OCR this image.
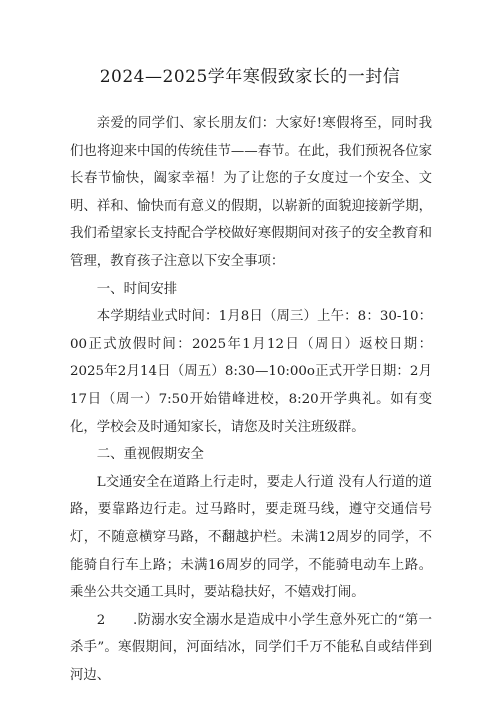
2024—2025学年寒假致家长的一封信

亲爱的同学们、家长朋友们：大家好!寒假将至，同时我们也将迎来中国的传统佳节——春节。在此，我们预祝各位家长春节愉快，阖家幸福！为了让您的子女度过一个安全、文明、祥和、愉快而有意义的假期，以崭新的面貌迎接新学期，我们希望家长支持配合学校做好寒假期间对孩子的安全教育和管理，教育孩子注意以下安全事项：

一、时间安排

本学期结业式时间：1月8日（周三）上午：8：30-10：00正式放假时间：2025年1月12日（周日）返校日期：2025年2月14日（周五）8:30—10:00o正式开学日期：2月17日（周一）7:50开始错峰进校，8:20开学典礼。如有变化，学校会及时通知家长，请您及时关注班级群。

二、重视假期安全

L交通安全在道路上行走时，要走人行道 没有人行道的道路，要靠路边行走。过马路时，要走斑马线，遵守交通信号灯，不随意横穿马路，不翻越护栏。未满12周岁的同学，不能骑自行车上路；未满16周岁的同学，不能骑电动车上路。乘坐公共交通工具时，要站稳扶好，不嬉戏打闹。

2　　.防溺水安全溺水是造成中小学生意外死亡的“第一杀手”。寒假期间，河面结冰，同学们千万不能私自或结伴到河边、
